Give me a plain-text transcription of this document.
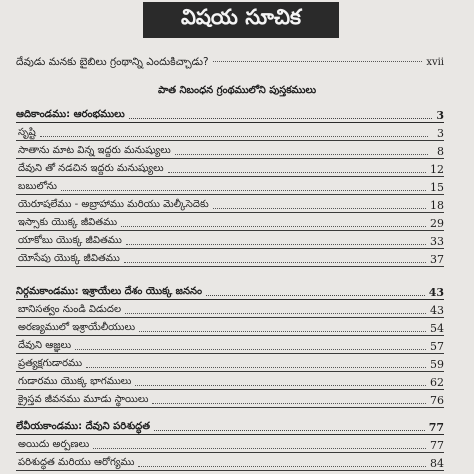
విషయ సూచిక
దేవుడు మనకు బైబిలు గ్రంథాన్ని ఎందుకిచ్చాడు?	xvii
పాత నిబంధన గ్రంథములోని పుస్తకములు
ఆదికాండము: ఆరంభములు	3
సృష్టి	3
సాతాను మాట విన్న ఇద్దరు మనుష్యులు	8
దేవుని తో నడచిన ఇద్దరు మనుష్యులు	12
బబులోను	15
యెరూషలేము - అబ్రాహాము మరియు మెల్కీసెదెకు	18
ఇస్సాకు యొక్క జీవితము	29
యాకోబు యొక్క జీవితము	33
యోసేపు యొక్క జీవితము	37
నిర్గమకాండము: ఇశ్రాయేలు దేశం యొక్క జననం	43
బానిసత్వం నుండి విడుదల	43
అరణ్యములో ఇశ్రాయేలీయులు	54
దేవుని ఆజ్ఞలు	57
ప్రత్యక్షగుడారము	59
గుడారము యొక్క భాగములు	62
క్రైస్తవ జీవనము మూడు స్థాయిలు	76
లేవీయకాండము: దేవుని పరిశుద్ధత	77
అయిదు అర్పణలు	77
పరిశుద్ధత మరియు ఆరోగ్యము	84
